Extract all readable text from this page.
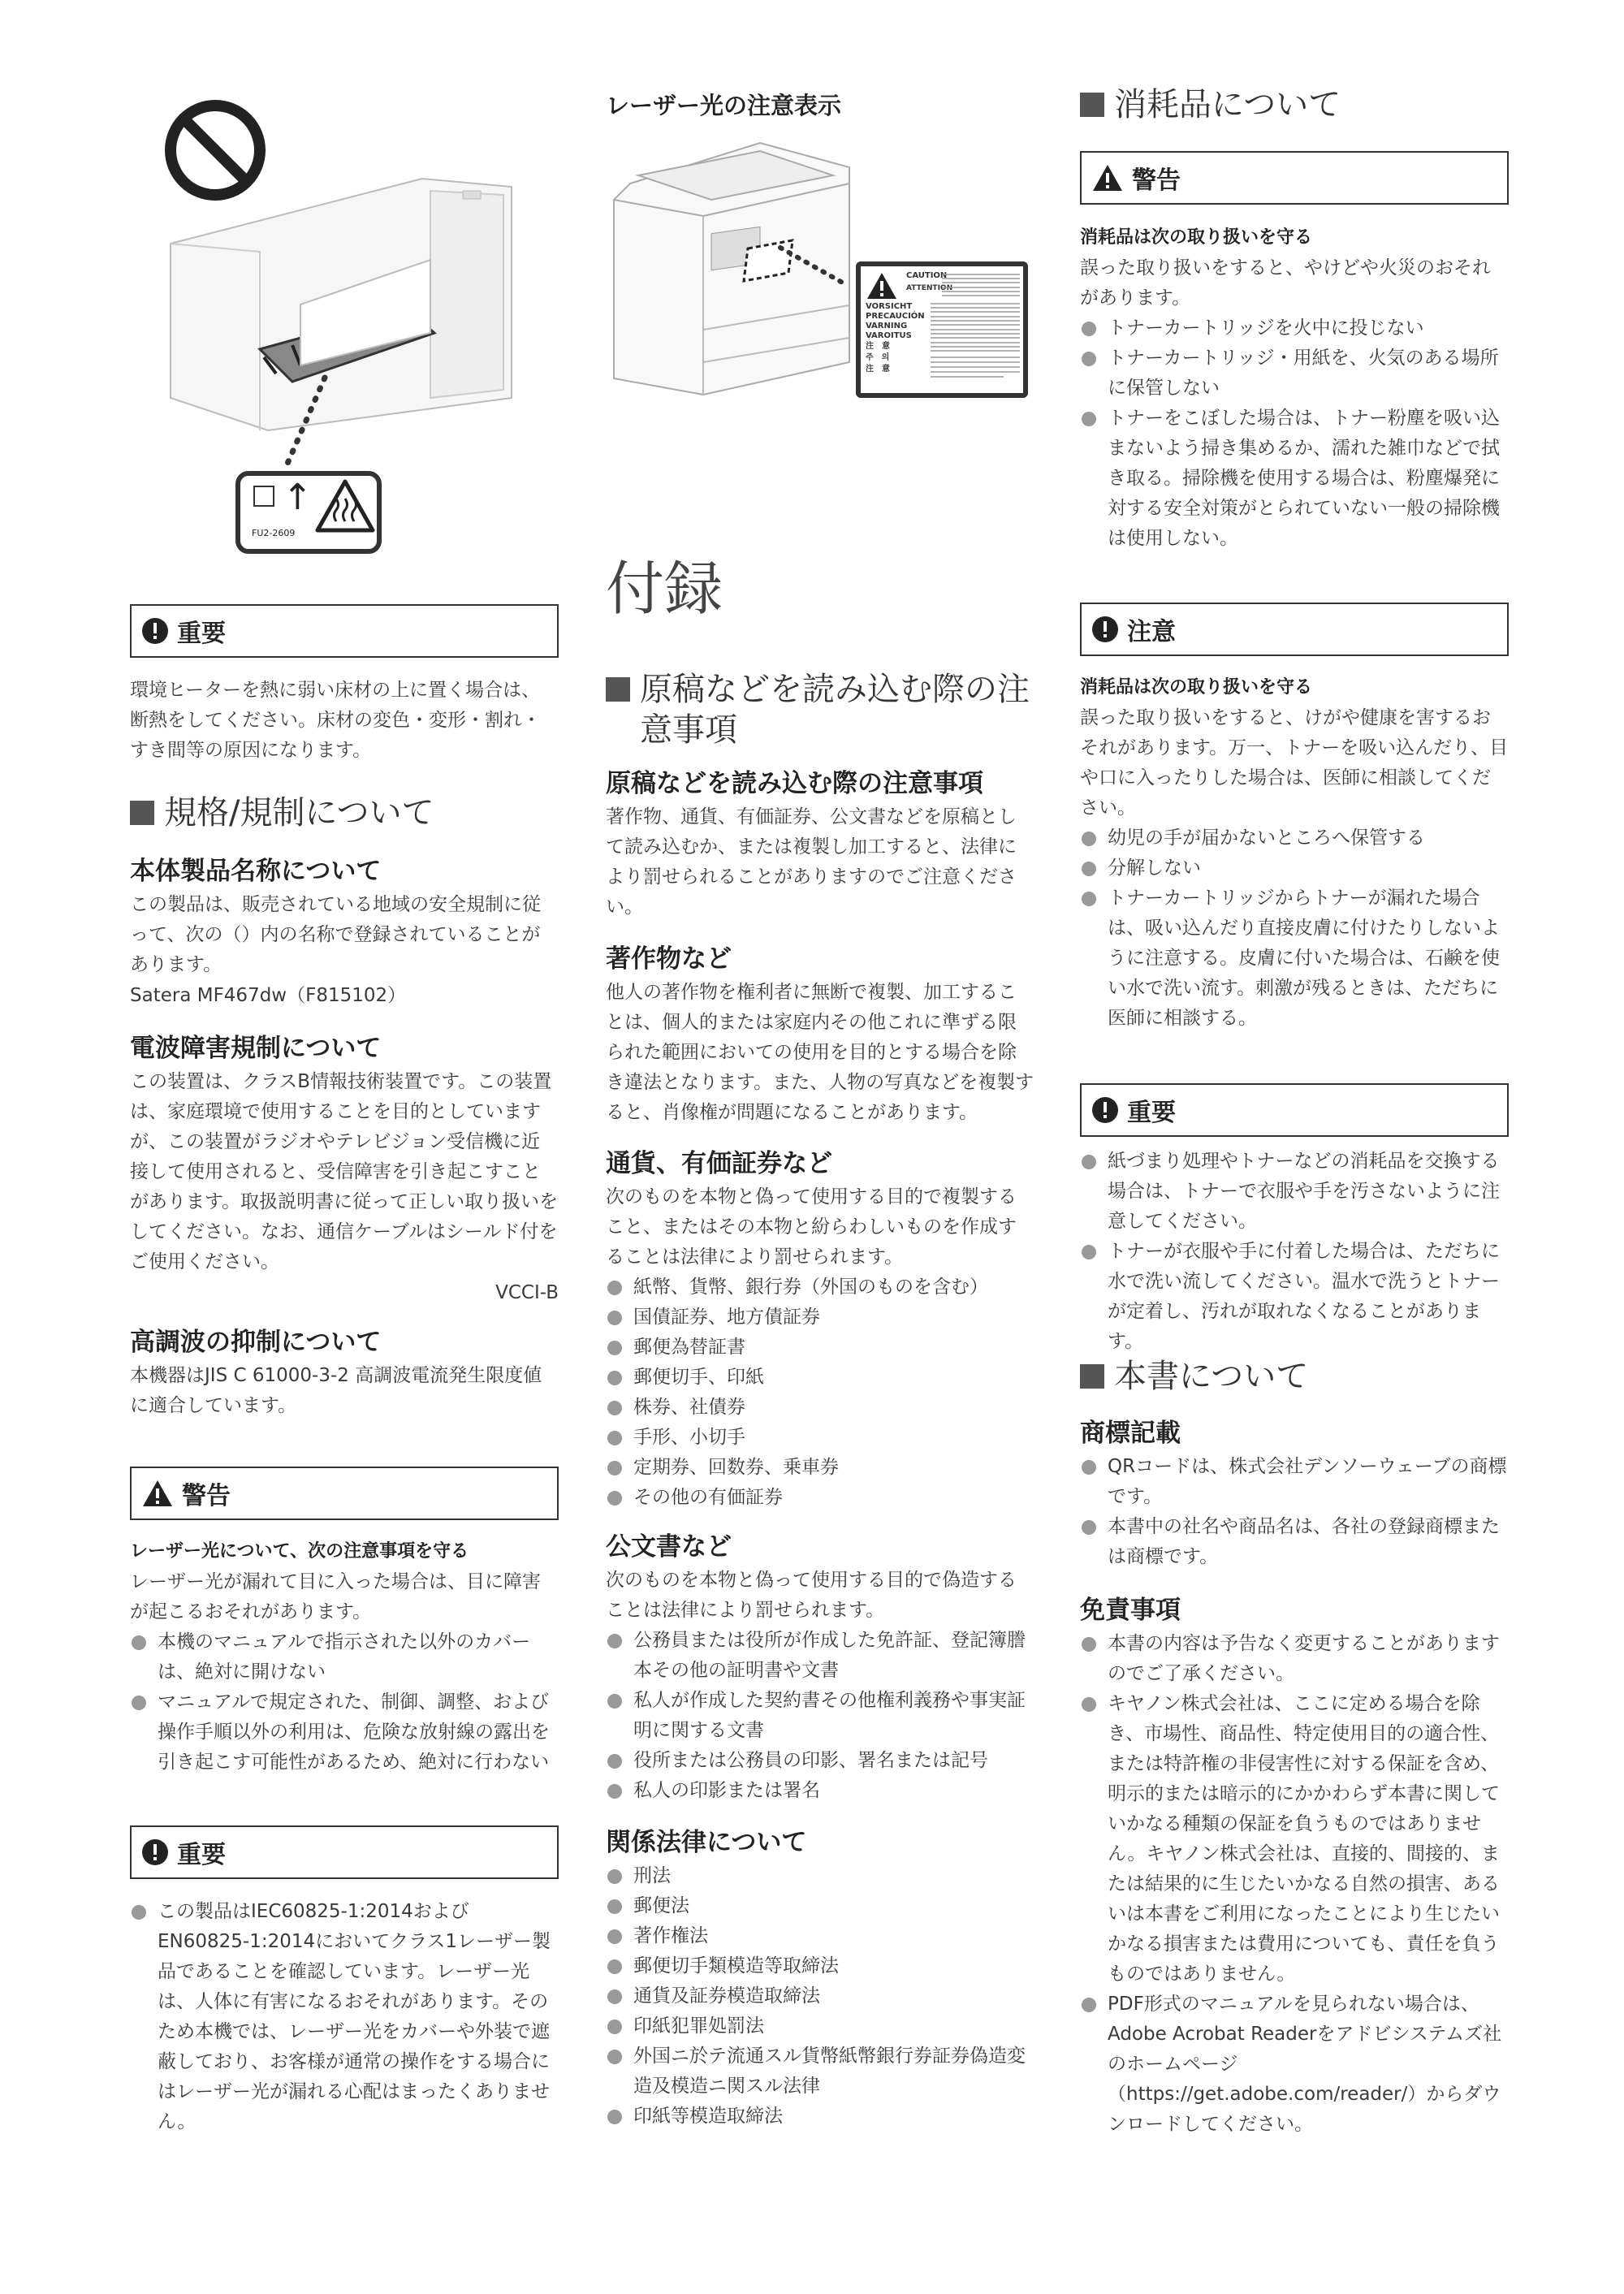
↑
FU2-2609
重要
環境ヒーターを熱に弱い床材の上に置く場合は、断熱をしてください。床材の変色・変形・割れ・すき間等の原因になります。
規格/規制について
本体製品名称について
この製品は、販売されている地域の安全規制に従って、次の（）内の名称で登録されていることがあります。
Satera MF467dw（F815102）
電波障害規制について
この装置は、クラスB情報技術装置です。この装置は、家庭環境で使用することを目的としていますが、この装置がラジオやテレビジョン受信機に近接して使用されると、受信障害を引き起こすことがあります。取扱説明書に従って正しい取り扱いをしてください。なお、通信ケーブルはシールド付をご使用ください。
VCCI-B
高調波の抑制について
本機器はJIS C 61000-3-2 高調波電流発生限度値に適合しています。
警告
レーザー光について、次の注意事項を守る
レーザー光が漏れて目に入った場合は、目に障害が起こるおそれがあります。
本機のマニュアルで指示された以外のカバーは、絶対に開けない
マニュアルで規定された、制御、調整、および操作手順以外の利用は、危険な放射線の露出を引き起こす可能性があるため、絶対に行わない
重要
この製品はIEC60825-1:2014およびEN60825-1:2014においてクラス1レーザー製品であることを確認しています。レーザー光は、人体に有害になるおそれがあります。そのため本機では、レーザー光をカバーや外装で遮蔽しており、お客様が通常の操作をする場合にはレーザー光が漏れる心配はまったくありません。
レーザー光の注意表示
VORSICHT
PRECAUCIÓN
VARNING
VAROITUS
注　意
주　의
注　意
CAUTION
ATTENTION
付録
原稿などを読み込む際の注意事項
原稿などを読み込む際の注意事項
著作物、通貨、有価証券、公文書などを原稿として読み込むか、または複製し加工すると、法律により罰せられることがありますのでご注意ください。
著作物など
他人の著作物を権利者に無断で複製、加工することは、個人的または家庭内その他これに準ずる限られた範囲においての使用を目的とする場合を除き違法となります。また、人物の写真などを複製すると、肖像権が問題になることがあります。
通貨、有価証券など
次のものを本物と偽って使用する目的で複製すること、またはその本物と紛らわしいものを作成することは法律により罰せられます。
紙幣、貨幣、銀行券（外国のものを含む）
国債証券、地方債証券
郵便為替証書
郵便切手、印紙
株券、社債券
手形、小切手
定期券、回数券、乗車券
その他の有価証券
公文書など
次のものを本物と偽って使用する目的で偽造することは法律により罰せられます。
公務員または役所が作成した免許証、登記簿謄本その他の証明書や文書
私人が作成した契約書その他権利義務や事実証明に関する文書
役所または公務員の印影、署名または記号
私人の印影または署名
関係法律について
刑法
郵便法
著作権法
郵便切手類模造等取締法
通貨及証券模造取締法
印紙犯罪処罰法
外国ニ於テ流通スル貨幣紙幣銀行券証券偽造変造及模造ニ関スル法律
印紙等模造取締法
消耗品について
警告
消耗品は次の取り扱いを守る
誤った取り扱いをすると、やけどや火災のおそれがあります。
トナーカートリッジを火中に投じない
トナーカートリッジ・用紙を、火気のある場所に保管しない
トナーをこぼした場合は、トナー粉塵を吸い込まないよう掃き集めるか、濡れた雑巾などで拭き取る。掃除機を使用する場合は、粉塵爆発に対する安全対策がとられていない一般の掃除機は使用しない。
注意
消耗品は次の取り扱いを守る
誤った取り扱いをすると、けがや健康を害するおそれがあります。万一、トナーを吸い込んだり、目や口に入ったりした場合は、医師に相談してください。
幼児の手が届かないところへ保管する
分解しない
トナーカートリッジからトナーが漏れた場合は、吸い込んだり直接皮膚に付けたりしないように注意する。皮膚に付いた場合は、石鹸を使い水で洗い流す。刺激が残るときは、ただちに医師に相談する。
重要
紙づまり処理やトナーなどの消耗品を交換する場合は、トナーで衣服や手を汚さないように注意してください。
トナーが衣服や手に付着した場合は、ただちに水で洗い流してください。温水で洗うとトナーが定着し、汚れが取れなくなることがあります。
本書について
商標記載
QRコードは、株式会社デンソーウェーブの商標です。
本書中の社名や商品名は、各社の登録商標または商標です。
免責事項
本書の内容は予告なく変更することがありますのでご了承ください。
キヤノン株式会社は、ここに定める場合を除き、市場性、商品性、特定使用目的の適合性、または特許権の非侵害性に対する保証を含め、明示的または暗示的にかかわらず本書に関していかなる種類の保証を負うものではありません。キヤノン株式会社は、直接的、間接的、または結果的に生じたいかなる自然の損害、あるいは本書をご利用になったことにより生じたいかなる損害または費用についても、責任を負うものではありません。
PDF形式のマニュアルを見られない場合は、Adobe Acrobat Readerをアドビシステムズ社のホームページ（https://get.adobe.com/reader/）からダウンロードしてください。
